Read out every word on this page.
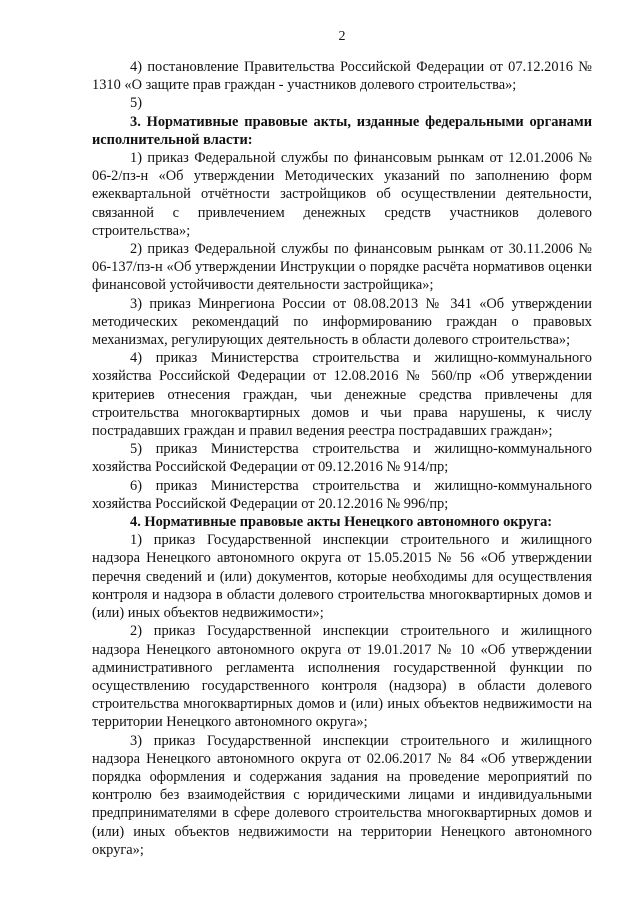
2

4) постановление Правительства Российской Федерации от 07.12.2016 № 1310 «О защите прав граждан - участников долевого строительства»;

5)

3. Нормативные правовые акты, изданные федеральными органами исполнительной власти:

1) приказ Федеральной службы по финансовым рынкам от 12.01.2006 № 06-2/пз-н «Об утверждении Методических указаний по заполнению форм ежеквартальной отчётности застройщиков об осуществлении деятельности, связанной с привлечением денежных средств участников долевого строительства»;

2) приказ Федеральной службы по финансовым рынкам от 30.11.2006 № 06-137/пз-н «Об утверждении Инструкции о порядке расчёта нормативов оценки финансовой устойчивости деятельности застройщика»;

3) приказ Минрегиона России от 08.08.2013 № 341 «Об утверждении методических рекомендаций по информированию граждан о правовых механизмах, регулирующих деятельность в области долевого строительства»;

4) приказ Министерства строительства и жилищно-коммунального хозяйства Российской Федерации от 12.08.2016 № 560/пр «Об утверждении критериев отнесения граждан, чьи денежные средства привлечены для строительства многоквартирных домов и чьи права нарушены, к числу пострадавших граждан и правил ведения реестра пострадавших граждан»;

5) приказ Министерства строительства и жилищно-коммунального хозяйства Российской Федерации от 09.12.2016 № 914/пр;

6) приказ Министерства строительства и жилищно-коммунального хозяйства Российской Федерации от 20.12.2016 № 996/пр;

4. Нормативные правовые акты Ненецкого автономного округа:

1) приказ Государственной инспекции строительного и жилищного надзора Ненецкого автономного округа от 15.05.2015 № 56 «Об утверждении перечня сведений и (или) документов, которые необходимы для осуществления контроля и надзора в области долевого строительства многоквартирных домов и (или) иных объектов недвижимости»;

2) приказ Государственной инспекции строительного и жилищного надзора Ненецкого автономного округа от 19.01.2017 № 10 «Об утверждении административного регламента исполнения государственной функции по осуществлению государственного контроля (надзора) в области долевого строительства многоквартирных домов и (или) иных объектов недвижимости на территории Ненецкого автономного округа»;

3) приказ Государственной инспекции строительного и жилищного надзора Ненецкого автономного округа от 02.06.2017 № 84 «Об утверждении порядка оформления и содержания задания на проведение мероприятий по контролю без взаимодействия с юридическими лицами и индивидуальными предпринимателями в сфере долевого строительства многоквартирных домов и (или) иных объектов недвижимости на территории Ненецкого автономного округа»;
